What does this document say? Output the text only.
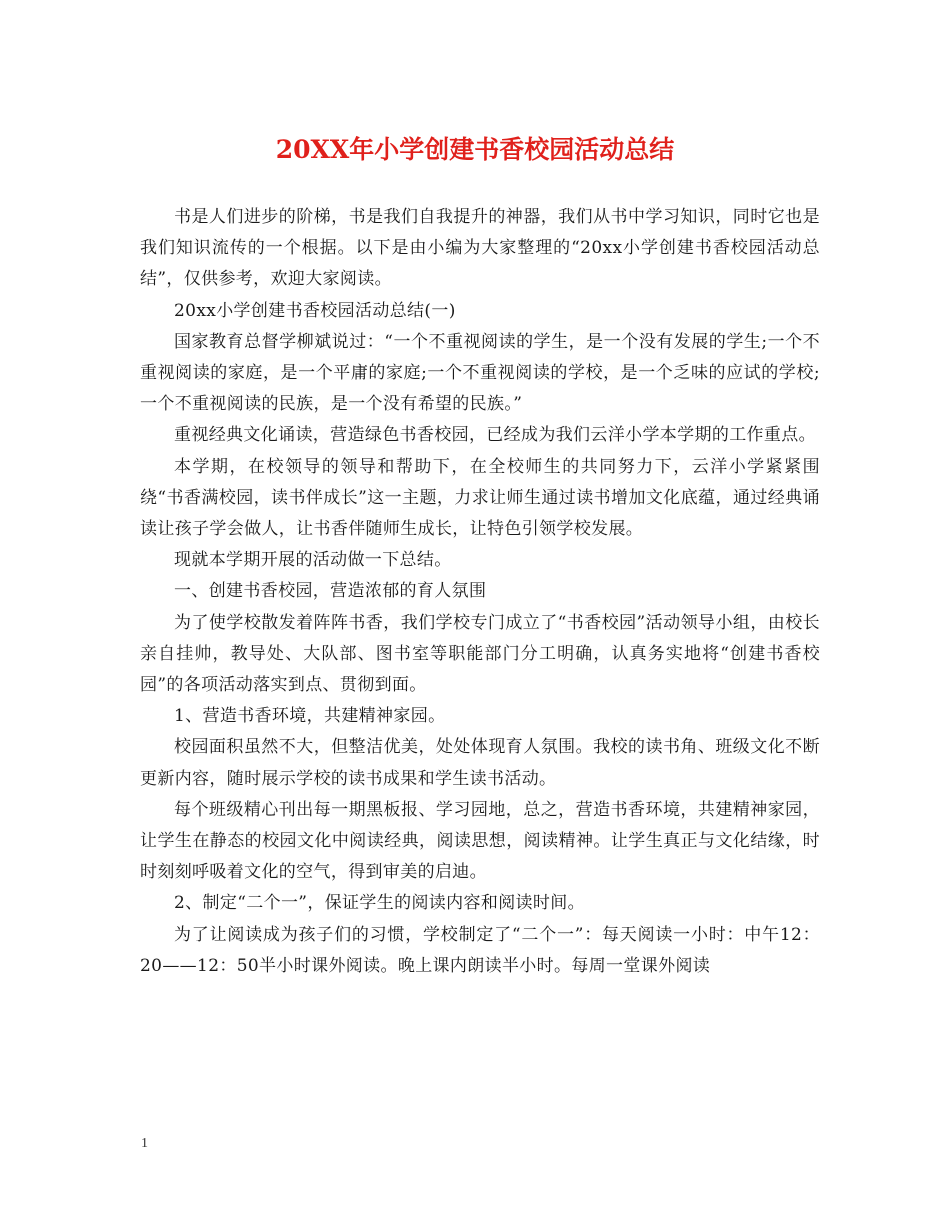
20XX年小学创建书香校园活动总结

书是人们进步的阶梯，书是我们自我提升的神器，我们从书中学习知识，同时它也是我们知识流传的一个根据。以下是由小编为大家整理的“20xx小学创建书香校园活动总结”，仅供参考，欢迎大家阅读。

20xx小学创建书香校园活动总结(一)

国家教育总督学柳斌说过：“一个不重视阅读的学生，是一个没有发展的学生;一个不重视阅读的家庭，是一个平庸的家庭;一个不重视阅读的学校，是一个乏味的应试的学校;一个不重视阅读的民族，是一个没有希望的民族。”

重视经典文化诵读，营造绿色书香校园，已经成为我们云洋小学本学期的工作重点。

本学期，在校领导的领导和帮助下，在全校师生的共同努力下，云洋小学紧紧围绕“书香满校园，读书伴成长”这一主题，力求让师生通过读书增加文化底蕴，通过经典诵读让孩子学会做人，让书香伴随师生成长，让特色引领学校发展。

现就本学期开展的活动做一下总结。

一、创建书香校园，营造浓郁的育人氛围

为了使学校散发着阵阵书香，我们学校专门成立了“书香校园”活动领导小组，由校长亲自挂帅，教导处、大队部、图书室等职能部门分工明确，认真务实地将“创建书香校园”的各项活动落实到点、贯彻到面。

1、营造书香环境，共建精神家园。

校园面积虽然不大，但整洁优美，处处体现育人氛围。我校的读书角、班级文化不断更新内容，随时展示学校的读书成果和学生读书活动。

每个班级精心刊出每一期黑板报、学习园地，总之，营造书香环境，共建精神家园，让学生在静态的校园文化中阅读经典，阅读思想，阅读精神。让学生真正与文化结缘，时时刻刻呼吸着文化的空气，得到审美的启迪。

2、制定“二个一”，保证学生的阅读内容和阅读时间。

为了让阅读成为孩子们的习惯，学校制定了“二个一”：每天阅读一小时：中午12：20——12：50半小时课外阅读。晚上课内朗读半小时。每周一堂课外阅读

1
